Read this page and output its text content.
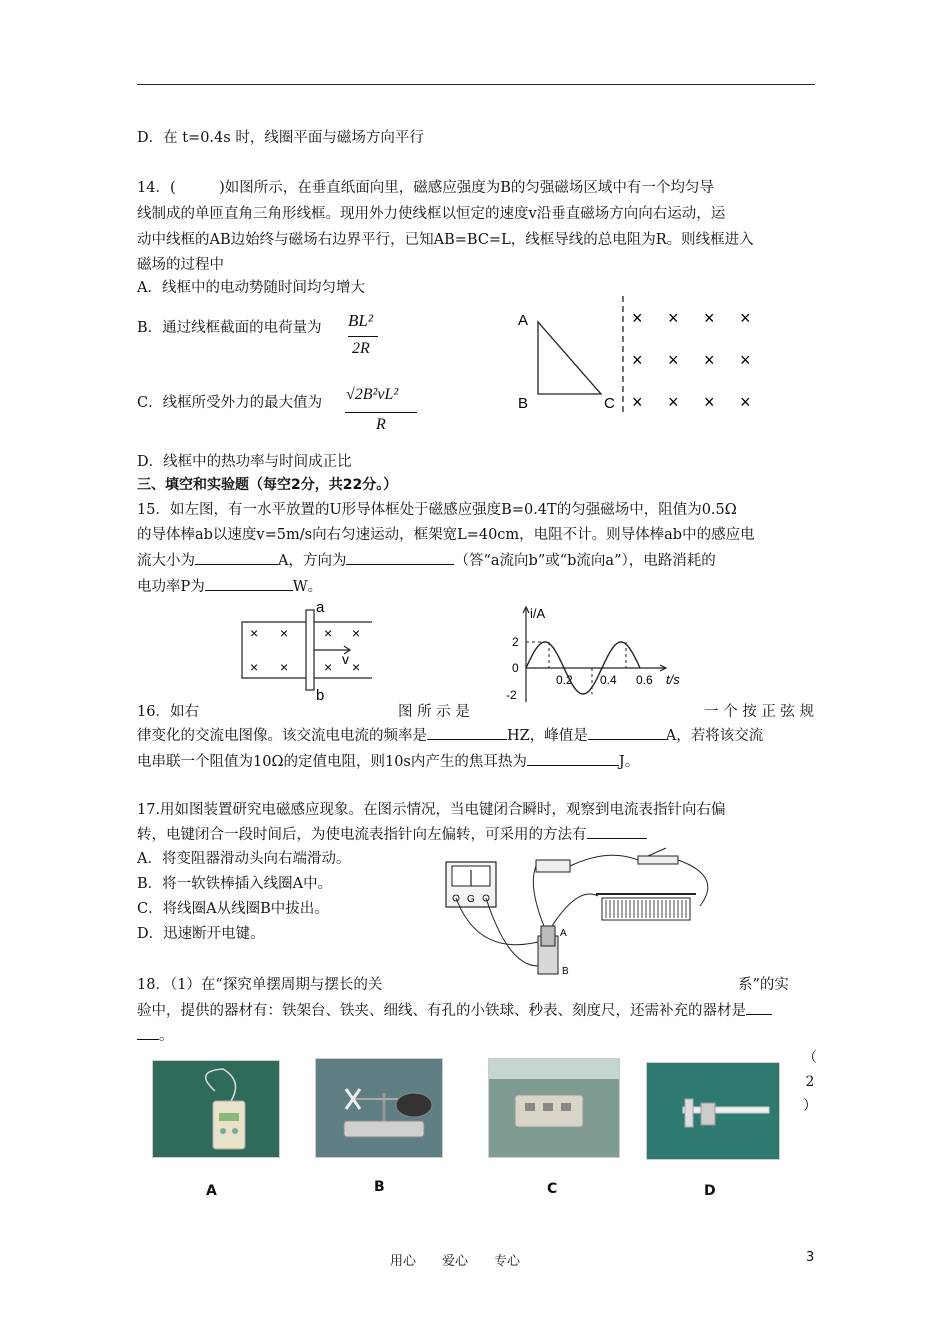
D．在 t=0.4s 时，线圈平面与磁场方向平行
14．(　　　)如图所示，在垂直纸面向里，磁感应强度为B的匀强磁场区域中有一个均匀导
线制成的单匝直角三角形线框。现用外力使线框以恒定的速度v沿垂直磁场方向向右运动，运
动中线框的AB边始终与磁场右边界平行，已知AB=BC=L，线框导线的总电阻为R。则线框进入
磁场的过程中
A．线框中的电动势随时间均匀增大
B．通过线框截面的电荷量为	BL²
2R
C．线框所受外力的最大值为	√2B²vL²
R
D．线框中的热功率与时间成正比
A
B	C
× × × ×
× × × ×
× × × ×
三、填空和实验题（每空2分，共22分。）
15．如左图，有一水平放置的U形导体框处于磁感应强度B=0.4T的匀强磁场中，阻值为0.5Ω
的导体棒ab以速度v=5m/s向右匀速运动，框架宽L=40cm，电阻不计。则导体棒ab中的感应电
流大小为	A，方向为	（答“a流向b”或“b流向a”），电路消耗的
电功率P为	W。
a
b
v
× ×	× ×
× ×	× ×
i/A
t/s
2
0
-2
0.2 0.4 0.6
16．如右	图 所 示 是	一 个 按 正 弦 规
律变化的交流电图像。该交流电电流的频率是	HZ，峰值是	A，若将该交流
电串联一个阻值为10Ω的定值电阻，则10s内产生的焦耳热为	J。
17.用如图装置研究电磁感应现象。在图示情况，当电键闭合瞬时，观察到电流表指针向右偏
转，电键闭合一段时间后，为使电流表指针向左偏转，可采用的方法有
A．将变阻器滑动头向右端滑动。
B．将一软铁棒插入线圈A中。
C．将线圈A从线圈B中拔出。
D．迅速断开电键。
G
A
B
18．（1）在“探究单摆周期与摆长的关	系”的实
验中，提供的器材有：铁架台、铁夹、细线、有孔的小铁球、秒表、刻度尺，还需补充的器材是
。
（
2
）
A	B	C	D
用心　　爱心　　专心	3
